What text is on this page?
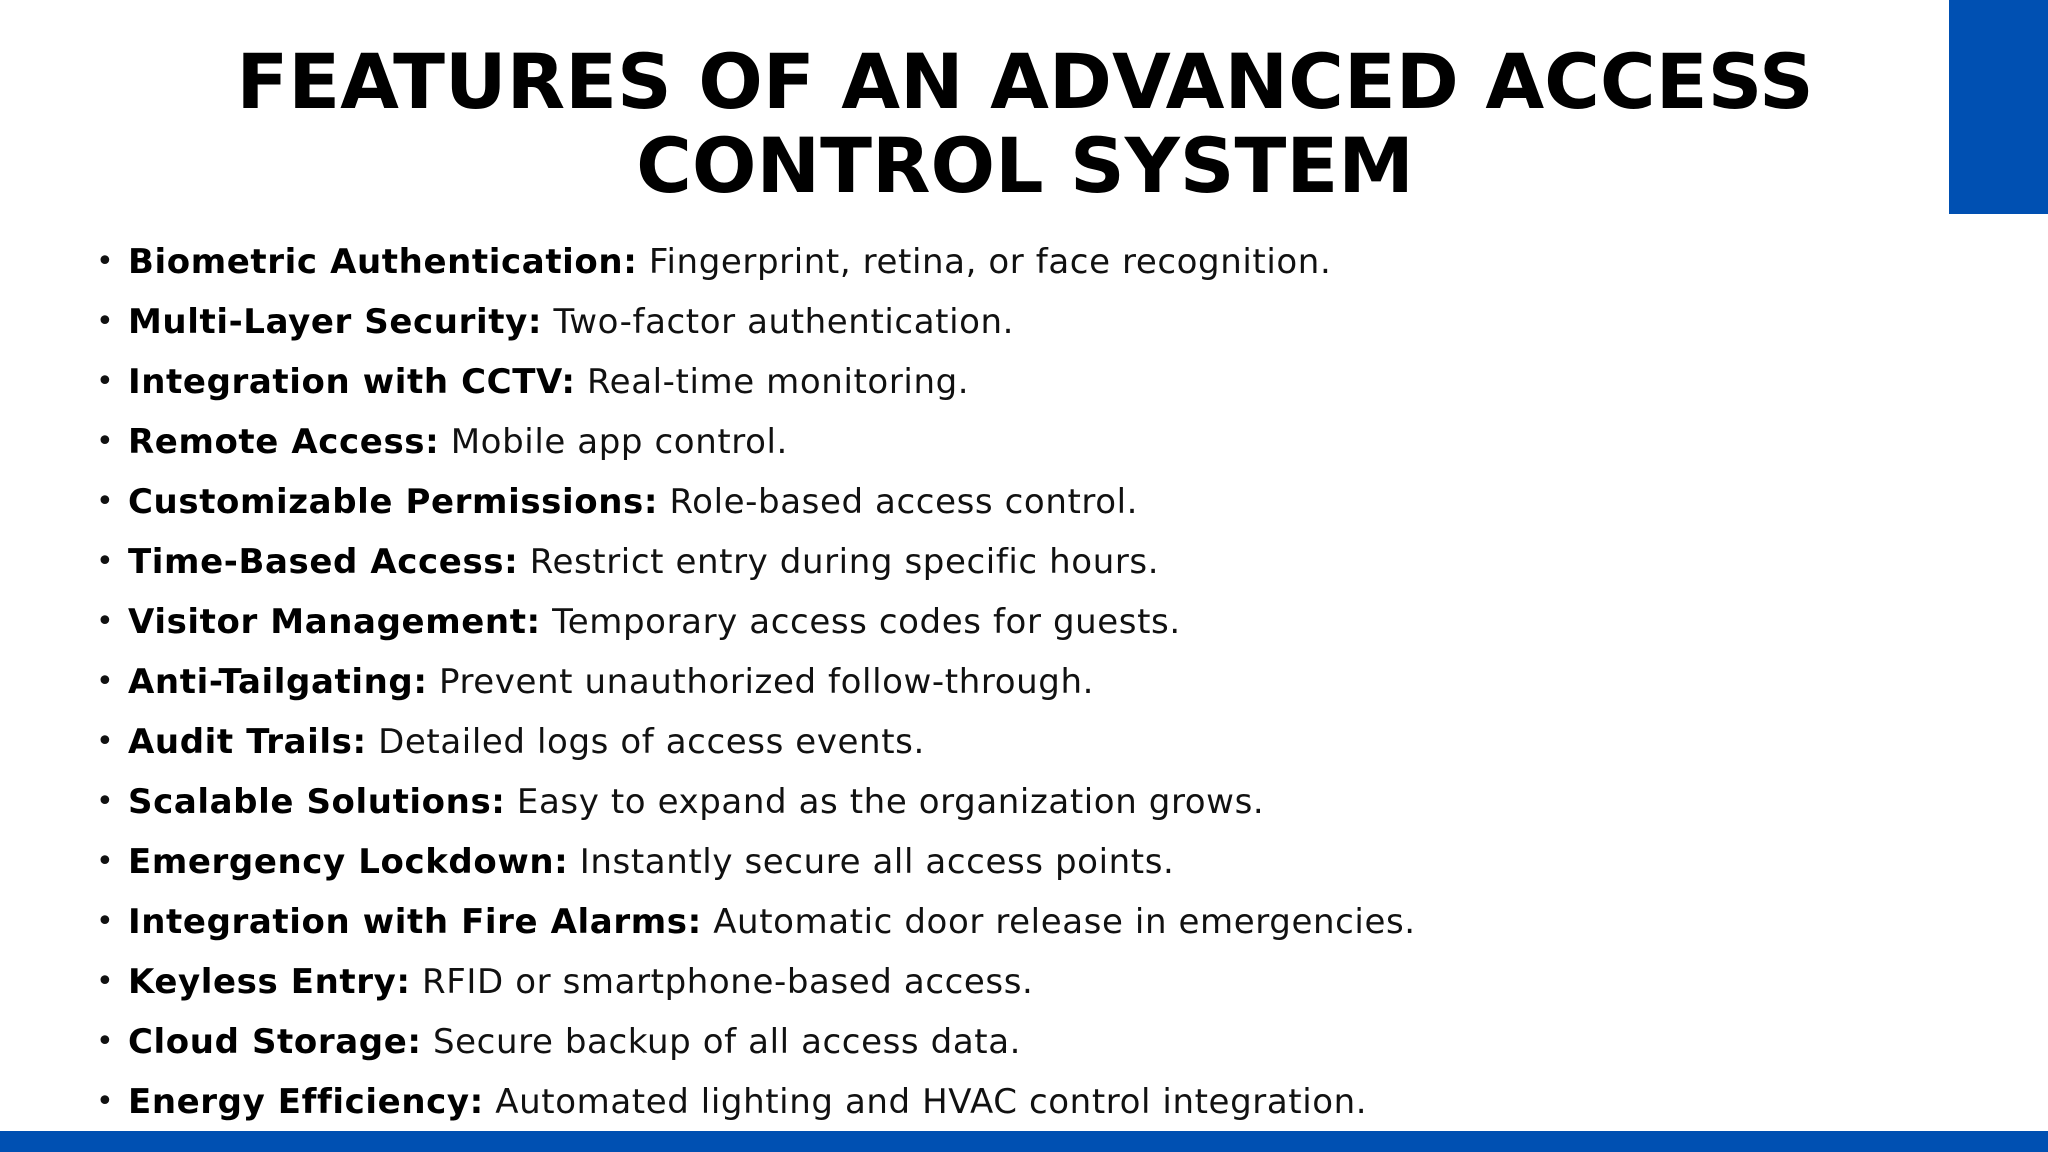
FEATURES OF AN ADVANCED ACCESS
CONTROL SYSTEM
• Biometric Authentication: Fingerprint, retina, or face recognition.
• Multi-Layer Security: Two-factor authentication.
• Integration with CCTV: Real-time monitoring.
• Remote Access: Mobile app control.
• Customizable Permissions: Role-based access control.
• Time-Based Access: Restrict entry during specific hours.
• Visitor Management: Temporary access codes for guests.
• Anti-Tailgating: Prevent unauthorized follow-through.
• Audit Trails: Detailed logs of access events.
• Scalable Solutions: Easy to expand as the organization grows.
• Emergency Lockdown: Instantly secure all access points.
• Integration with Fire Alarms: Automatic door release in emergencies.
• Keyless Entry: RFID or smartphone-based access.
• Cloud Storage: Secure backup of all access data.
• Energy Efficiency: Automated lighting and HVAC control integration.
